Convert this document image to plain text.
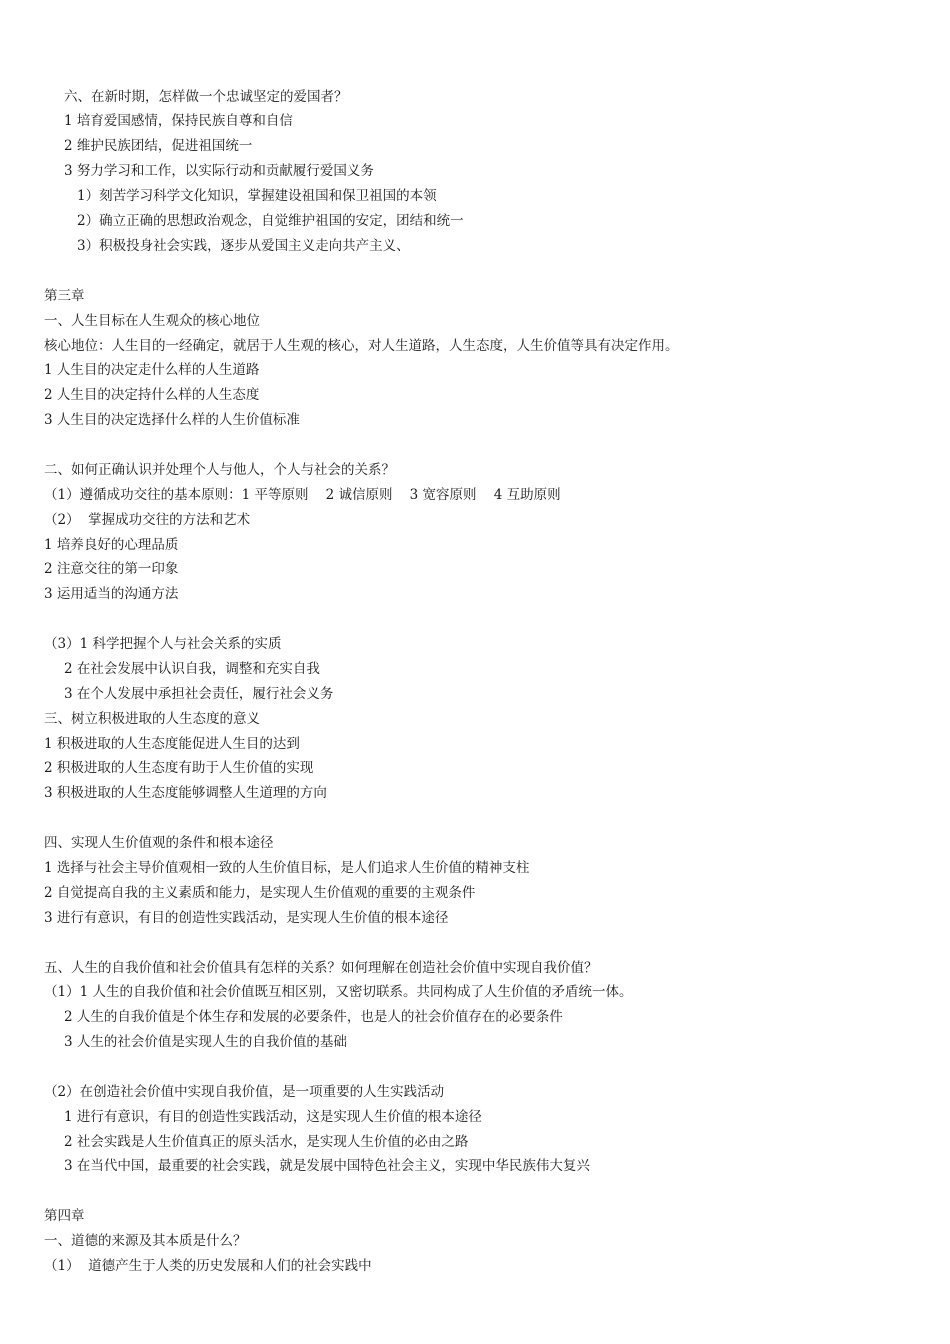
六、在新时期，怎样做一个忠诚坚定的爱国者？
1 培育爱国感情，保持民族自尊和自信
2 维护民族团结，促进祖国统一
3 努力学习和工作，以实际行动和贡献履行爱国义务
1）刻苦学习科学文化知识，掌握建设祖国和保卫祖国的本领
2）确立正确的思想政治观念，自觉维护祖国的安定，团结和统一
3）积极投身社会实践，逐步从爱国主义走向共产主义、
第三章
一、人生目标在人生观众的核心地位
核心地位：人生目的一经确定，就居于人生观的核心，对人生道路，人生态度，人生价值等具有决定作用。
1 人生目的决定走什么样的人生道路
2 人生目的决定持什么样的人生态度
3 人生目的决定选择什么样的人生价值标准
二、如何正确认识并处理个人与他人，个人与社会的关系？
（1）遵循成功交往的基本原则：1 平等原则    2 诚信原则    3 宽容原则    4 互助原则
（2）  掌握成功交往的方法和艺术
1 培养良好的心理品质
2 注意交往的第一印象
3 运用适当的沟通方法
（3）1 科学把握个人与社会关系的实质
2 在社会发展中认识自我，调整和充实自我
3 在个人发展中承担社会责任，履行社会义务
三、树立积极进取的人生态度的意义
1 积极进取的人生态度能促进人生目的达到
2 积极进取的人生态度有助于人生价值的实现
3 积极进取的人生态度能够调整人生道理的方向
四、实现人生价值观的条件和根本途径
1 选择与社会主导价值观相一致的人生价值目标，是人们追求人生价值的精神支柱
2 自觉提高自我的主义素质和能力，是实现人生价值观的重要的主观条件
3 进行有意识，有目的创造性实践活动，是实现人生价值的根本途径
五、人生的自我价值和社会价值具有怎样的关系？如何理解在创造社会价值中实现自我价值？
（1）1 人生的自我价值和社会价值既互相区别，又密切联系。共同构成了人生价值的矛盾统一体。
2 人生的自我价值是个体生存和发展的必要条件，也是人的社会价值存在的必要条件
3 人生的社会价值是实现人生的自我价值的基础
（2）在创造社会价值中实现自我价值，是一项重要的人生实践活动
1 进行有意识，有目的创造性实践活动，这是实现人生价值的根本途径
2 社会实践是人生价值真正的原头活水，是实现人生价值的必由之路
3 在当代中国，最重要的社会实践，就是发展中国特色社会主义，实现中华民族伟大复兴
第四章
一、道德的来源及其本质是什么？
（1）  道德产生于人类的历史发展和人们的社会实践中
